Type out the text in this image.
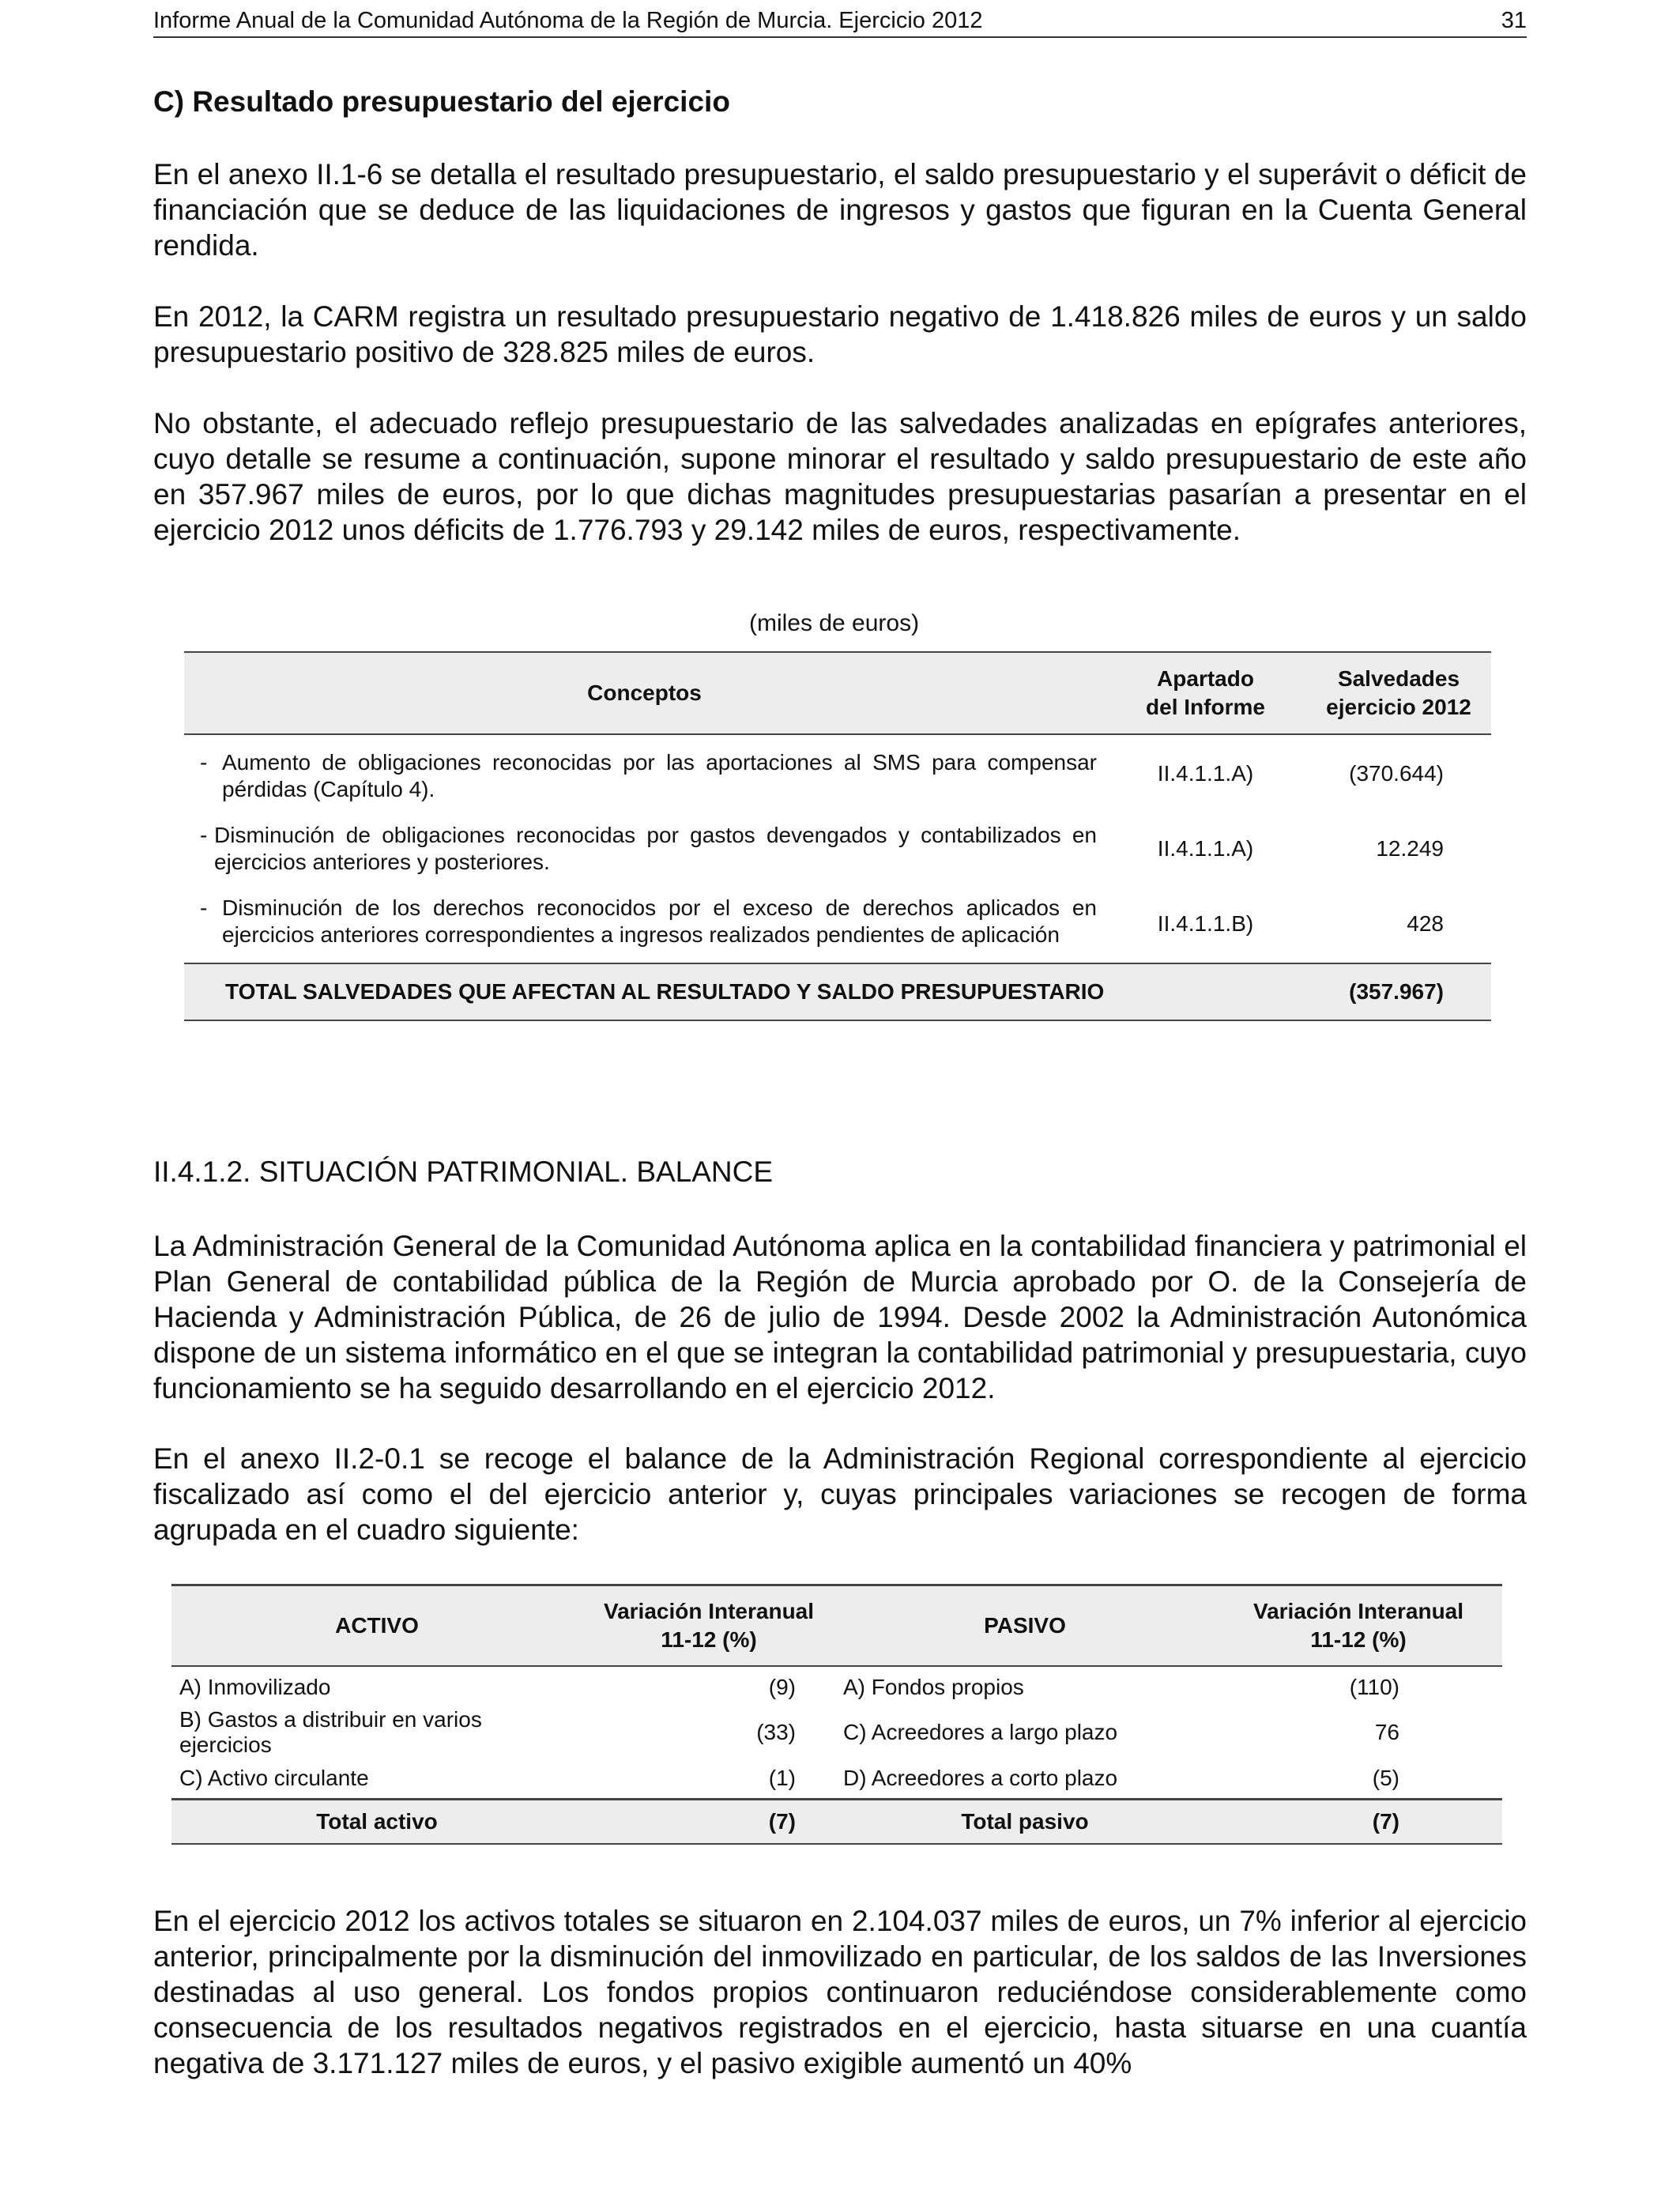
Informe Anual de la Comunidad Autónoma de la Región de Murcia. Ejercicio 2012	31
C) Resultado presupuestario del ejercicio
En el anexo II.1-6 se detalla el resultado presupuestario, el saldo presupuestario y el superávit o déficit de financiación que se deduce de las liquidaciones de ingresos y gastos que figuran en la Cuenta General rendida.
En 2012, la CARM registra un resultado presupuestario negativo de 1.418.826 miles de euros y un saldo presupuestario positivo de 328.825 miles de euros.
No obstante, el adecuado reflejo presupuestario de las salvedades analizadas en epígrafes anteriores, cuyo detalle se resume a continuación, supone minorar el resultado y saldo presupuestario de este año en 357.967 miles de euros, por lo que dichas magnitudes presupuestarias pasarían a presentar en el ejercicio 2012 unos déficits de 1.776.793 y 29.142 miles de euros, respectivamente.
(miles de euros)
Conceptos	Apartado del Informe	Salvedades ejercicio 2012

- Aumento de obligaciones reconocidas por las aportaciones al SMS para compensar pérdidas (Capítulo 4).	II.4.1.1.A)	(370.644)

- Disminución de obligaciones reconocidas por gastos devengados y contabilizados en ejercicios anteriores y posteriores.	II.4.1.1.A)	12.249

- Disminución de los derechos reconocidos por el exceso de derechos aplicados en ejercicios anteriores correspondientes a ingresos realizados pendientes de aplicación	II.4.1.1.B)	428
TOTAL SALVEDADES QUE AFECTAN AL RESULTADO Y SALDO PRESUPUESTARIO		(357.967)
II.4.1.2. SITUACIÓN PATRIMONIAL. BALANCE
La Administración General de la Comunidad Autónoma aplica en la contabilidad financiera y patrimonial el Plan General de contabilidad pública de la Región de Murcia aprobado por O. de la Consejería de Hacienda y Administración Pública, de 26 de julio de 1994. Desde 2002 la Administración Autonómica dispone de un sistema informático en el que se integran la contabilidad patrimonial y presupuestaria, cuyo funcionamiento se ha seguido desarrollando en el ejercicio 2012.
En el anexo II.2-0.1 se recoge el balance de la Administración Regional correspondiente al ejercicio fiscalizado así como el del ejercicio anterior y, cuyas principales variaciones se recogen de forma agrupada en el cuadro siguiente:
ACTIVO	Variación Interanual 11-12 (%)	PASIVO	Variación Interanual 11-12 (%)
A) Inmovilizado	(9)	A) Fondos propios	(110)
B) Gastos a distribuir en varios ejercicios	(33)	C) Acreedores a largo plazo	76
C) Activo circulante	(1)	D) Acreedores a corto plazo	(5)
Total activo	(7)	Total pasivo	(7)
En el ejercicio 2012 los activos totales se situaron en 2.104.037 miles de euros, un 7% inferior al ejercicio anterior, principalmente por la disminución del inmovilizado en particular, de los saldos de las Inversiones destinadas al uso general. Los fondos propios continuaron reduciéndose considerablemente como consecuencia de los resultados negativos registrados en el ejercicio, hasta situarse en una cuantía negativa de 3.171.127 miles de euros, y el pasivo exigible aumentó un 40%
